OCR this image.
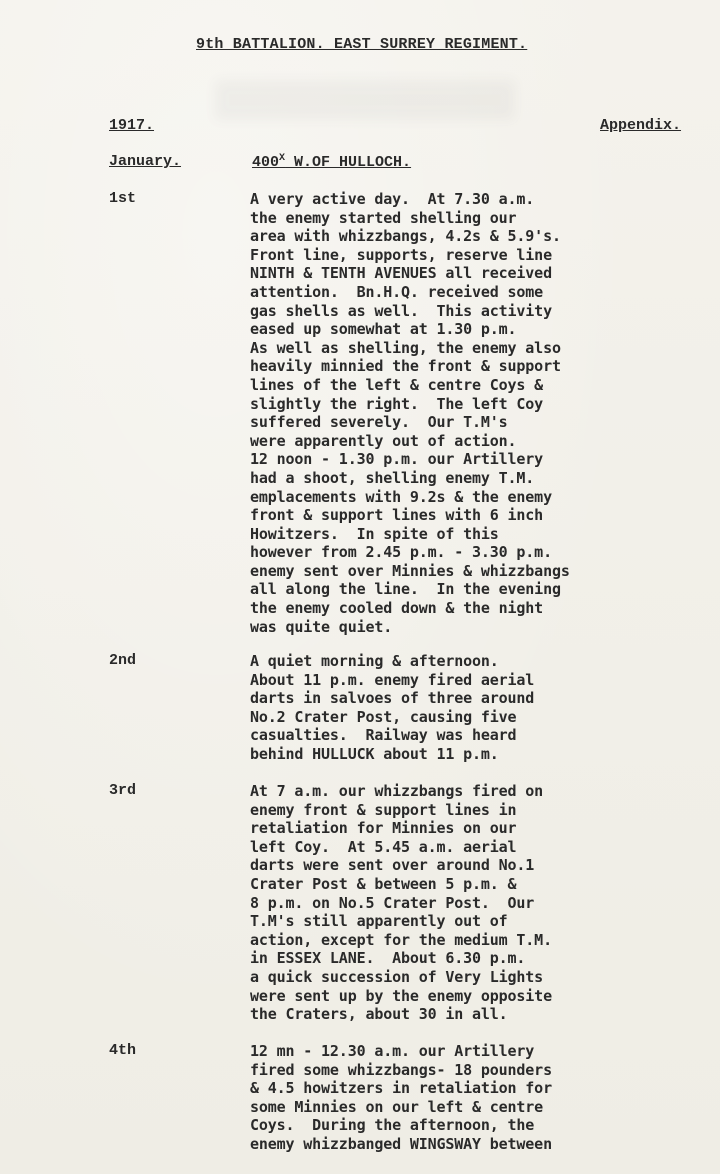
9th BATTALION. EAST SURREY REGIMENT.
1917.	Appendix.
January.	$400^X$ W.OF HULLOCH.
1st	A very active day.  At 7.30 a.m.
the enemy started shelling our
area with whizzbangs, 4.2s & 5.9's.
Front line, supports, reserve line
NINTH & TENTH AVENUES all received
attention.  Bn.H.Q. received some
gas shells as well.  This activity
eased up somewhat at 1.30 p.m.
As well as shelling, the enemy also
heavily minnied the front & support
lines of the left & centre Coys &
slightly the right.  The left Coy
suffered severely.  Our T.M's
were apparently out of action.
12 noon - 1.30 p.m. our Artillery
had a shoot, shelling enemy T.M.
emplacements with 9.2s & the enemy
front & support lines with 6 inch
Howitzers.  In spite of this
however from 2.45 p.m. - 3.30 p.m.
enemy sent over Minnies & whizzbangs
all along the line.  In the evening
the enemy cooled down & the night
was quite quiet.
2nd	A quiet morning & afternoon.
About 11 p.m. enemy fired aerial
darts in salvoes of three around
No.2 Crater Post, causing five
casualties.  Railway was heard
behind HULLUCK about 11 p.m.
3rd	At 7 a.m. our whizzbangs fired on
enemy front & support lines in
retaliation for Minnies on our
left Coy.  At 5.45 a.m. aerial
darts were sent over around No.1
Crater Post & between 5 p.m. &
8 p.m. on No.5 Crater Post.  Our
T.M's still apparently out of
action, except for the medium T.M.
in ESSEX LANE.  About 6.30 p.m.
a quick succession of Very Lights
were sent up by the enemy opposite
the Craters, about 30 in all.
4th	12 mn - 12.30 a.m. our Artillery
fired some whizzbangs- 18 pounders
& 4.5 howitzers in retaliation for
some Minnies on our left & centre
Coys.  During the afternoon, the
enemy whizzbanged WINGSWAY between
